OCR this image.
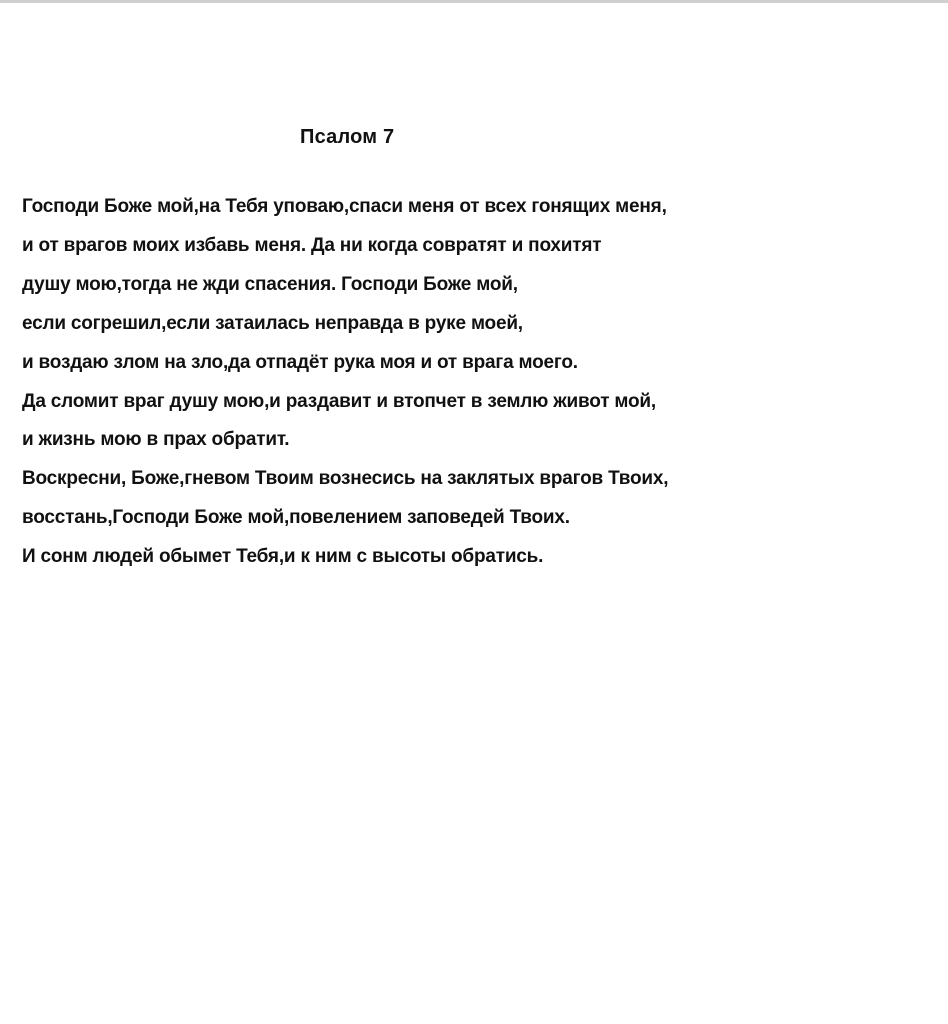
Псалом 7
Господи Боже мой,на Тебя уповаю,спаси меня от всех гонящих меня,
и от врагов моих избавь меня. Да ни когда совратят и похитят
душу мою,тогда не жди спасения. Господи Боже мой,
если согрешил,если затаилась неправда в руке моей,
и воздаю злом на зло,да отпадёт рука моя и от врага моего.
Да сломит враг душу мою,и раздавит и втопчет в землю живот мой,
и жизнь мою в прах обратит.
Воскресни, Боже,гневом Твоим вознесись на заклятых врагов Твоих,
восстань,Господи Боже мой,повелением заповедей Твоих.
И сонм людей обымет Тебя,и к ним с высоты обратись.
